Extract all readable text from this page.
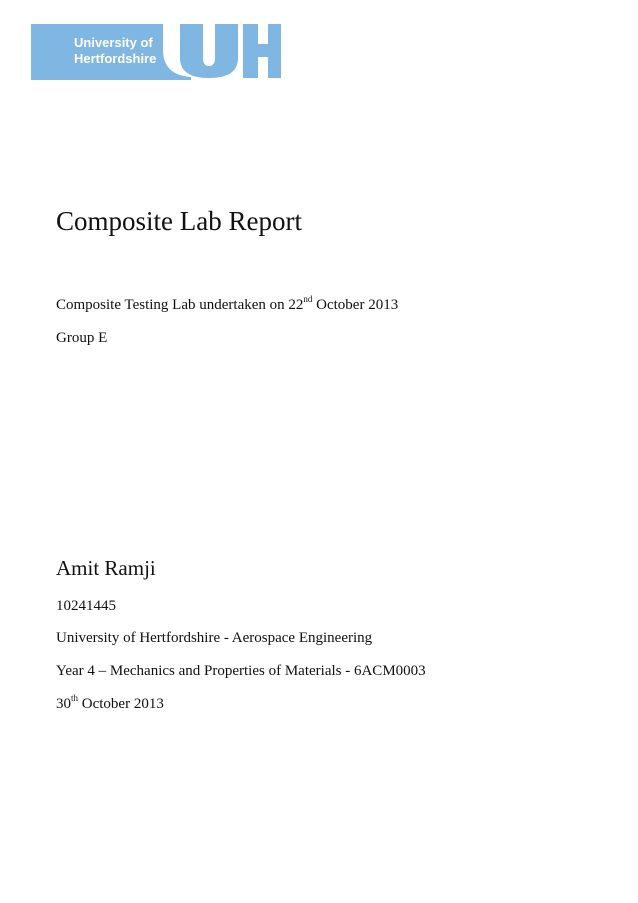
University of
Hertfordshire
Composite Lab Report

Composite Testing Lab undertaken on 22nd October 2013

Group E

Amit Ramji

10241445

University of Hertfordshire - Aerospace Engineering

Year 4 – Mechanics and Properties of Materials - 6ACM0003

30th October 2013
